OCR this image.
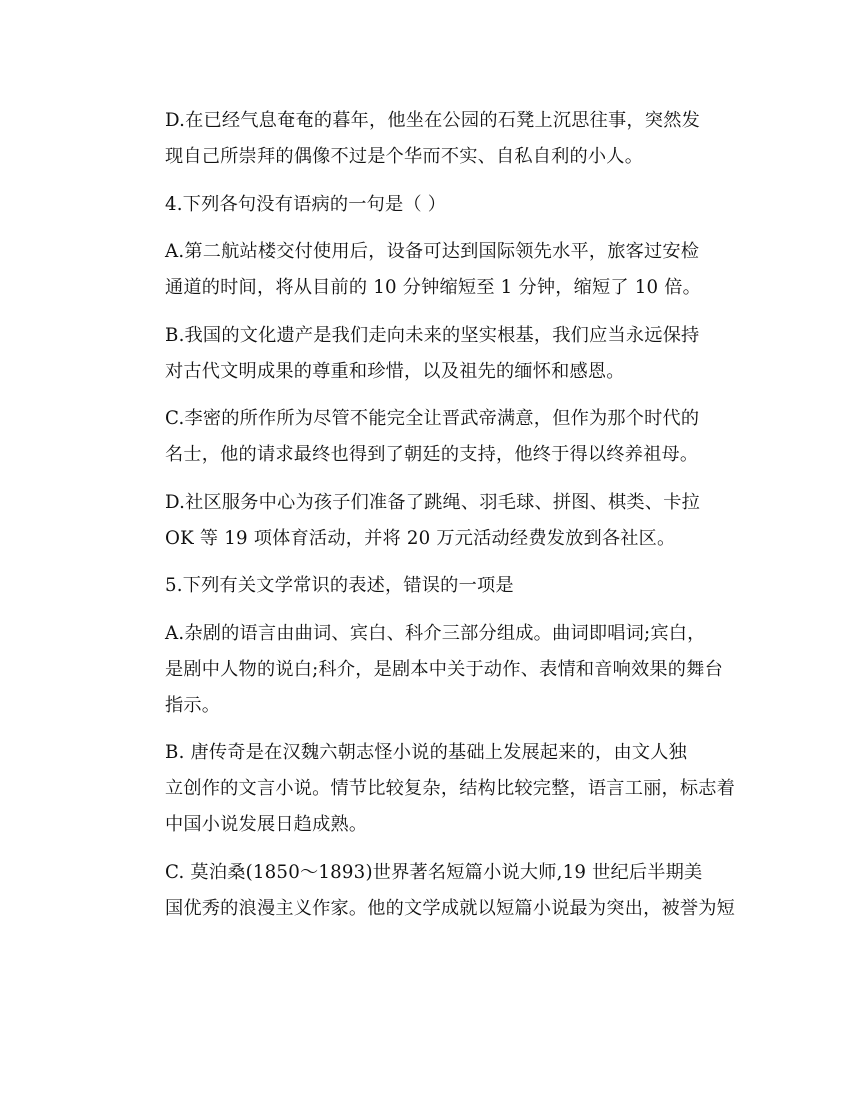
D.在已经气息奄奄的暮年，他坐在公园的石凳上沉思往事，突然发
现自己所崇拜的偶像不过是个华而不实、自私自利的小人。

4.下列各句没有语病的一句是（ ）

A.第二航站楼交付使用后，设备可达到国际领先水平，旅客过安检
通道的时间，将从目前的 10 分钟缩短至 1 分钟，缩短了 10 倍。

B.我国的文化遗产是我们走向未来的坚实根基，我们应当永远保持
对古代文明成果的尊重和珍惜，以及祖先的缅怀和感恩。

C.李密的所作所为尽管不能完全让晋武帝满意，但作为那个时代的
名士，他的请求最终也得到了朝廷的支持，他终于得以终养祖母。

D.社区服务中心为孩子们准备了跳绳、羽毛球、拼图、棋类、卡拉
OK 等 19 项体育活动，并将 20 万元活动经费发放到各社区。

5.下列有关文学常识的表述，错误的一项是

A.杂剧的语言由曲词、宾白、科介三部分组成。曲词即唱词;宾白，
是剧中人物的说白;科介，是剧本中关于动作、表情和音响效果的舞台
指示。

B. 唐传奇是在汉魏六朝志怪小说的基础上发展起来的，由文人独
立创作的文言小说。情节比较复杂，结构比较完整，语言工丽，标志着
中国小说发展日趋成熟。

C. 莫泊桑(1850～1893)世界著名短篇小说大师,19 世纪后半期美
国优秀的浪漫主义作家。他的文学成就以短篇小说最为突出，被誉为短
